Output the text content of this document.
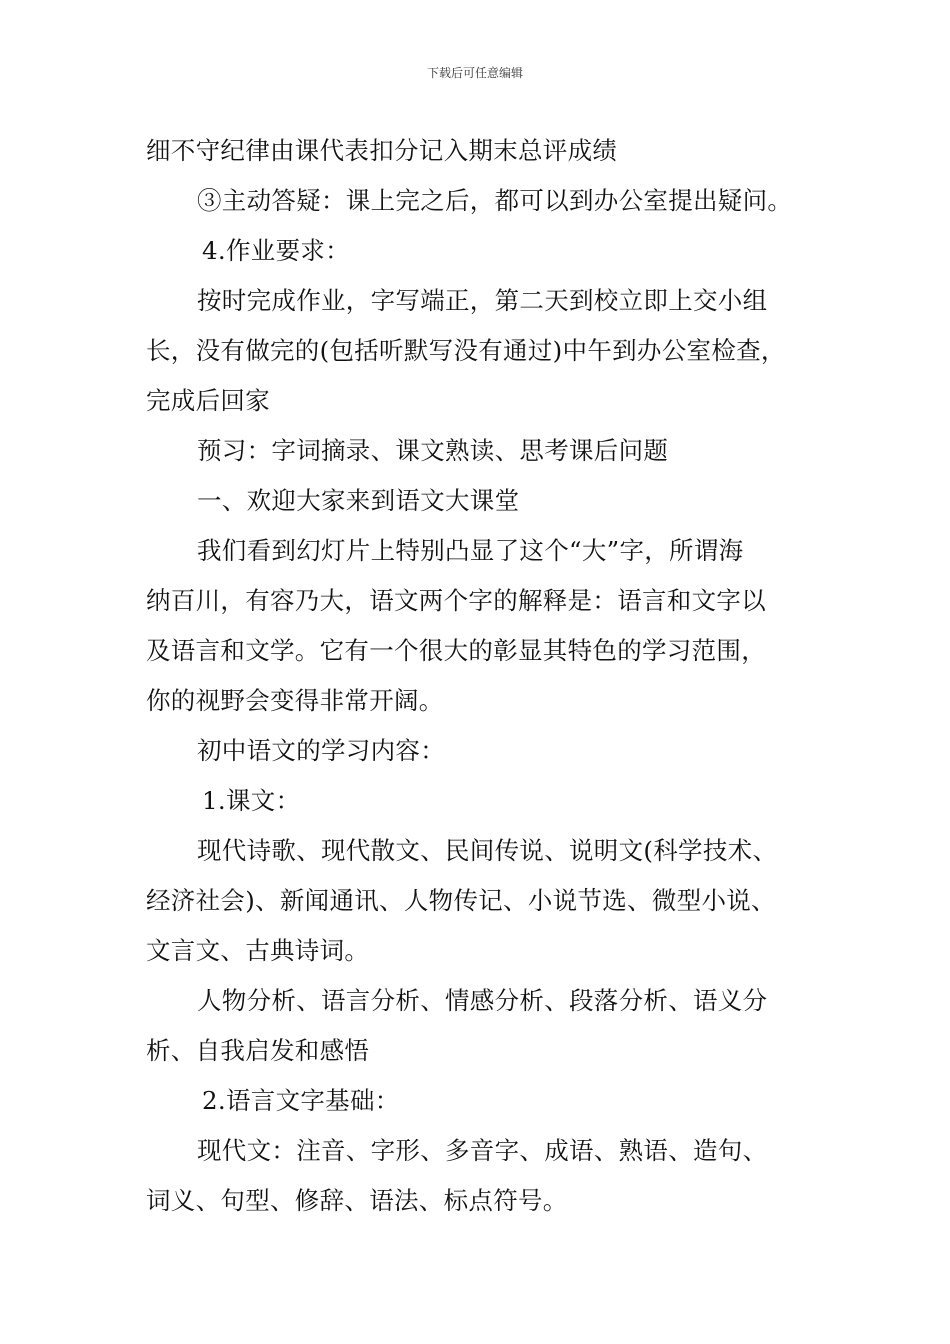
下载后可任意编辑
细不守纪律由课代表扣分记入期末总评成绩
③主动答疑：课上完之后，都可以到办公室提出疑问。
4.作业要求：
按时完成作业，字写端正，第二天到校立即上交小组
长，没有做完的(包括听默写没有通过)中午到办公室检查，
完成后回家
预习：字词摘录、课文熟读、思考课后问题
一、欢迎大家来到语文大课堂
我们看到幻灯片上特别凸显了这个“大”字，所谓海
纳百川，有容乃大，语文两个字的解释是：语言和文字以
及语言和文学。它有一个很大的彰显其特色的学习范围，
你的视野会变得非常开阔。
初中语文的学习内容：
1.课文：
现代诗歌、现代散文、民间传说、说明文(科学技术、
经济社会)、新闻通讯、人物传记、小说节选、微型小说、
文言文、古典诗词。
人物分析、语言分析、情感分析、段落分析、语义分
析、自我启发和感悟
2.语言文字基础：
现代文：注音、字形、多音字、成语、熟语、造句、
词义、句型、修辞、语法、标点符号。
